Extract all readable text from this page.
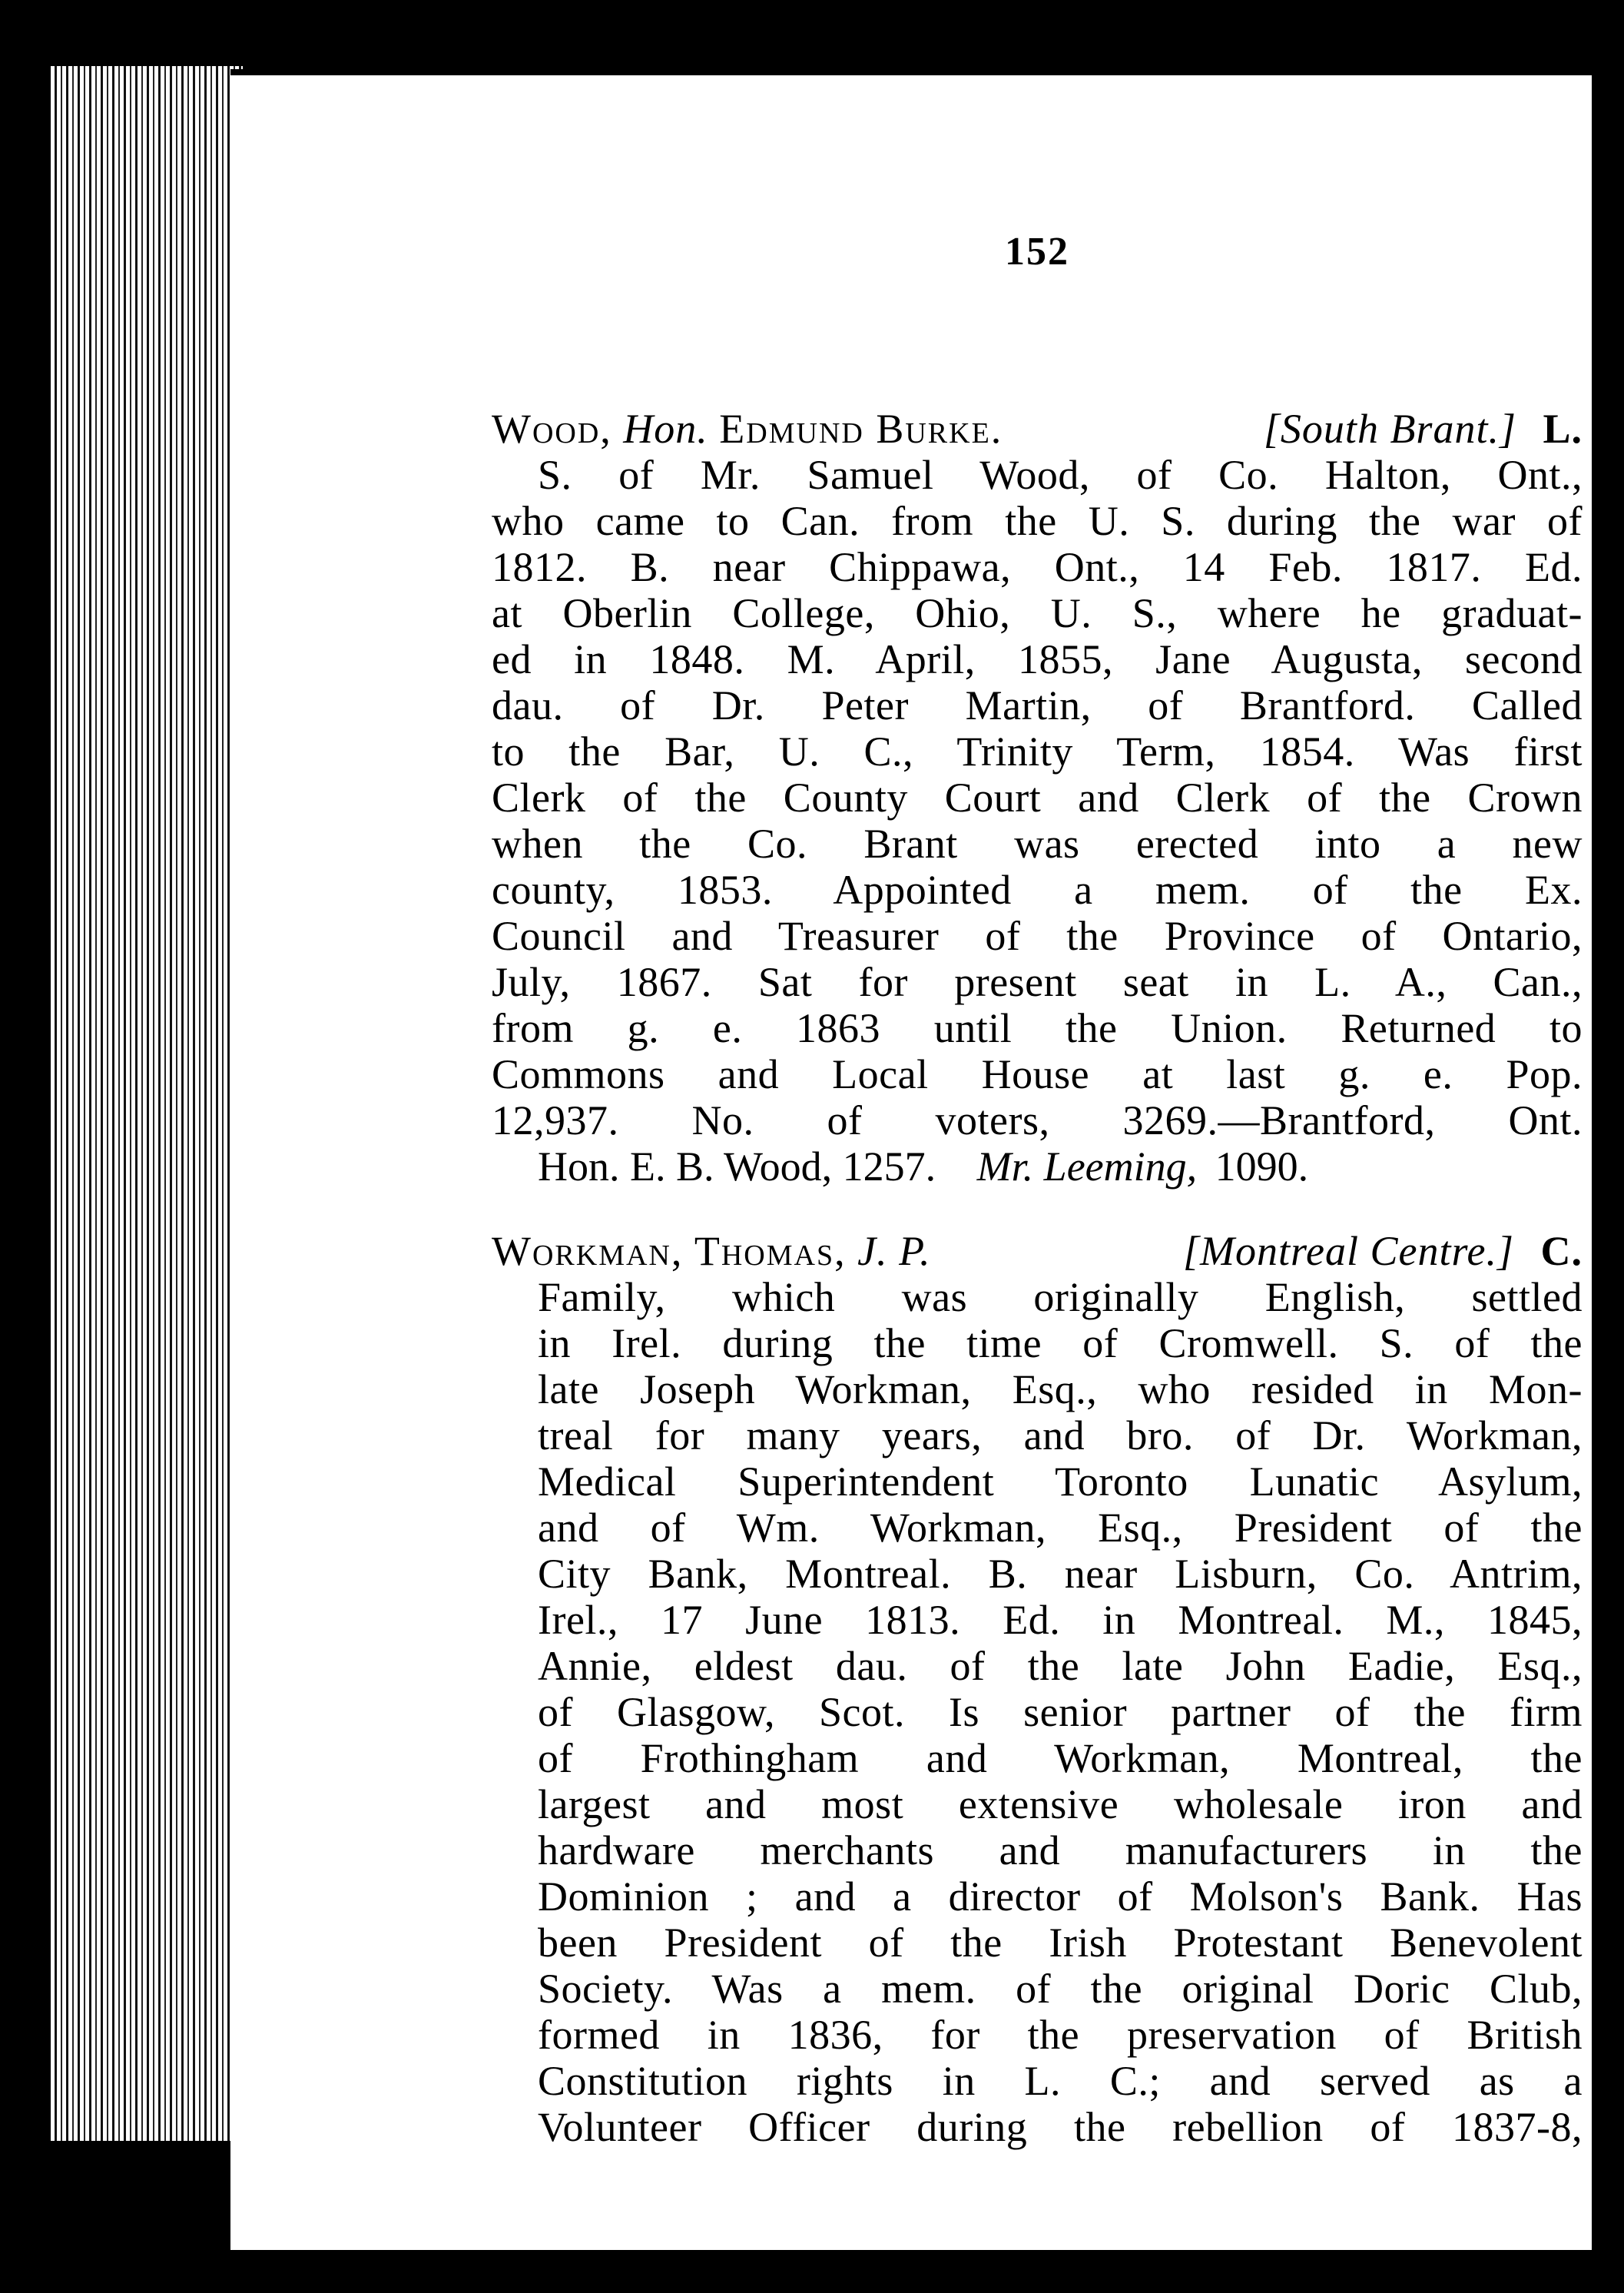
152
Wood, Hon. Edmund Burke.	[South Brant.] L.
S. of Mr. Samuel Wood, of Co. Halton, Ont.,
who came to Can. from the U. S. during the war of
1812. B. near Chippawa, Ont., 14 Feb. 1817. Ed.
at Oberlin College, Ohio, U. S., where he graduat-
ed in 1848. M. April, 1855, Jane Augusta, second
dau. of Dr. Peter Martin, of Brantford. Called
to the Bar, U. C., Trinity Term, 1854. Was first
Clerk of the County Court and Clerk of the Crown
when the Co. Brant was erected into a new
county, 1853. Appointed a mem. of the Ex.
Council and Treasurer of the Province of Ontario,
July, 1867. Sat for present seat in L. A., Can.,
from g. e. 1863 until the Union. Returned to
Commons and Local House at last g. e. Pop.
12,937. No. of voters, 3269.—Brantford, Ont.
Hon. E. B. Wood, 1257. Mr. Leeming, 1090.
Workman, Thomas, J. P.	[Montreal Centre.] C.
Family, which was originally English, settled
in Irel. during the time of Cromwell. S. of the
late Joseph Workman, Esq., who resided in Mon-
treal for many years, and bro. of Dr. Workman,
Medical Superintendent Toronto Lunatic Asylum,
and of Wm. Workman, Esq., President of the
City Bank, Montreal. B. near Lisburn, Co. Antrim,
Irel., 17 June 1813. Ed. in Montreal. M., 1845,
Annie, eldest dau. of the late John Eadie, Esq.,
of Glasgow, Scot. Is senior partner of the firm
of Frothingham and Workman, Montreal, the
largest and most extensive wholesale iron and
hardware merchants and manufacturers in the
Dominion ; and a director of Molson's Bank. Has
been President of the Irish Protestant Benevolent
Society. Was a mem. of the original Doric Club,
formed in 1836, for the preservation of British
Constitution rights in L. C.; and served as a
Volunteer Officer during the rebellion of 1837-8,
